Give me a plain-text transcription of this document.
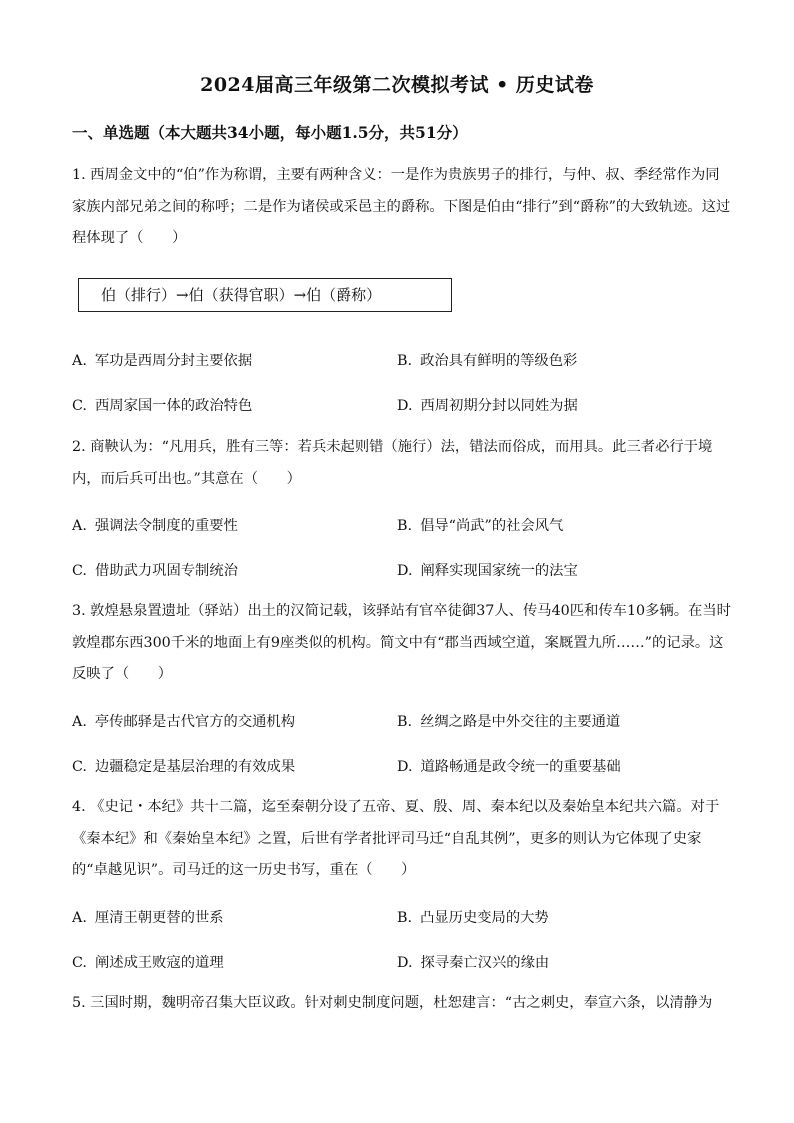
2024届高三年级第二次模拟考试 • 历史试卷
一、单选题（本大题共34小题，每小题1.5分，共51分）
1. 西周金文中的“伯”作为称谓，主要有两种含义：一是作为贵族男子的排行，与仲、叔、季经常作为同家族内部兄弟之间的称呼；二是作为诸侯或采邑主的爵称。下图是伯由“排行”到“爵称”的大致轨迹。这过程体现了（　　）
伯（排行）→伯（获得官职）→伯（爵称）
A. 军功是西周分封主要依据	B. 政治具有鲜明的等级色彩
C. 西周家国一体的政治特色	D. 西周初期分封以同姓为据
2. 商鞅认为：“凡用兵，胜有三等：若兵未起则错（施行）法，错法而俗成，而用具。此三者必行于境内，而后兵可出也。”其意在（　　）
A. 强调法令制度的重要性	B. 倡导“尚武”的社会风气
C. 借助武力巩固专制统治	D. 阐释实现国家统一的法宝
3. 敦煌悬泉置遗址（驿站）出土的汉简记载，该驿站有官卒徒御37人、传马40匹和传车10多辆。在当时敦煌郡东西300千米的地面上有9座类似的机构。简文中有“郡当西域空道，案厩置九所……”的记录。这反映了（　　）
A. 亭传邮驿是古代官方的交通机构	B. 丝绸之路是中外交往的主要通道
C. 边疆稳定是基层治理的有效成果	D. 道路畅通是政令统一的重要基础
4. 《史记・本纪》共十二篇，迄至秦朝分设了五帝、夏、殷、周、秦本纪以及秦始皇本纪共六篇。对于《秦本纪》和《秦始皇本纪》之置，后世有学者批评司马迁“自乱其例”，更多的则认为它体现了史家的“卓越见识”。司马迁的这一历史书写，重在（　　）
A. 厘清王朝更替的世系	B. 凸显历史变局的大势
C. 阐述成王败寇的道理	D. 探寻秦亡汉兴的缘由
5. 三国时期，魏明帝召集大臣议政。针对刺史制度问题，杜恕建言：“古之刺史，奉宣六条，以清静为
